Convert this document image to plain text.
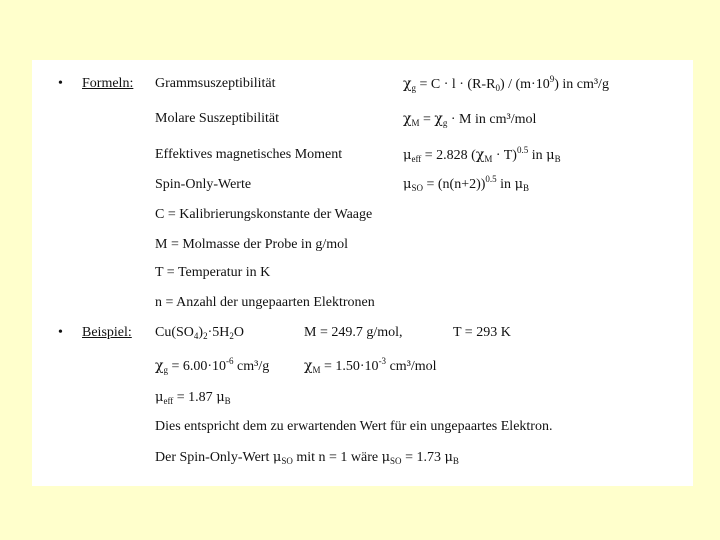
• Formeln: Grammsuszeptibilität	$\chi_g = C \cdot l \cdot (R-R_0) / (m\cdot 10^9)$ in cm³/g
Molare Suszeptibilität	$\chi_M = \chi_g \cdot M$ in cm³/mol
Effektives magnetisches Moment	$\mu_{eff} = 2.828$ $(\chi_M \cdot T)^{0.5}$ in $\mu_B$
Spin-Only-Werte	$\mu_{SO} = (n(n+2))^{0.5}$ in $\mu_B$
C = Kalibrierungskonstante der Waage
M = Molmasse der Probe in g/mol
T = Temperatur in K
n = Anzahl der ungepaarten Elektronen
• Beispiel: $Cu(SO_4)_2\cdot 5H_2O$	M = 249.7 g/mol,	T = 293 K
$\chi_g = 6.00\cdot 10^{-6}$ cm³/g $\chi_M = 1.50\cdot 10^{-3}$ cm³/mol
$\mu_{eff} = 1.87$ $\mu_B$
Dies entspricht dem zu erwartenden Wert für ein ungepaartes Elektron.
Der Spin-Only-Wert $\mu_{SO}$ mit n = 1 wäre $\mu_{SO} = 1.73$ $\mu_B$
